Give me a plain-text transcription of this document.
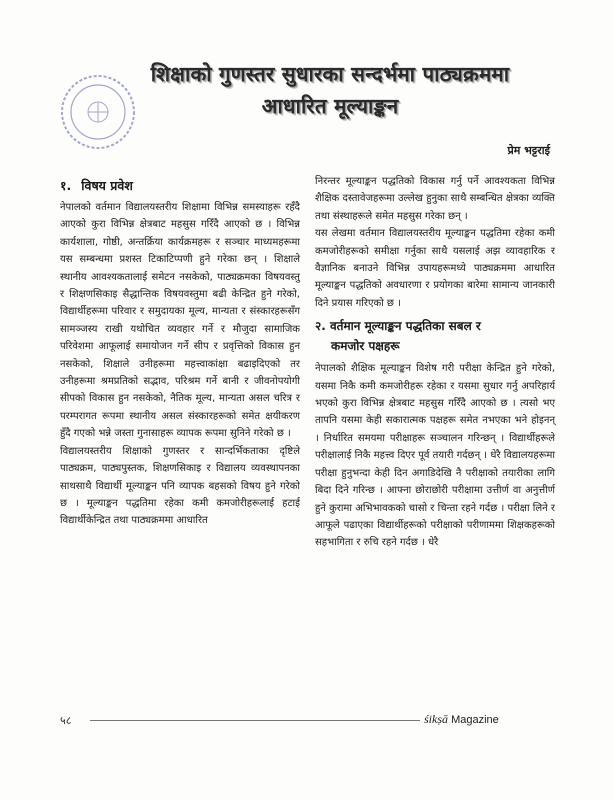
शिक्षाको गुणस्तर सुधारका सन्दर्भमा पाठ्यक्रममा
आधारित मूल्याङ्कन
प्रेम भट्टराई
१. विषय प्रवेश

नेपालको वर्तमान विद्यालयस्तरीय शिक्षामा विभिन्न समस्याहरू रहँदै आएको कुरा विभिन्न क्षेत्रबाट महसुस गरिँदै आएको छ । विभिन्न कार्यशाला, गोष्ठी, अन्तर्क्रिया कार्यक्रमहरू र सञ्चार माध्यमहरूमा यस सम्बन्धमा प्रशस्त टिकाटिप्पणी हुने गरेका छन् । शिक्षाले स्थानीय आवश्यकतालाई समेटन नसकेको, पाठ्यक्रमका विषयवस्तु र शिक्षणसिकाइ सैद्धान्तिक विषयवस्तुमा बढी केन्द्रित हुने गरेको, विद्यार्थीहरूमा परिवार र समुदायका मूल्य, मान्यता र संस्कारहरूसँग सामञ्जस्य राखी यथोचित व्यवहार गर्ने र मौजुदा सामाजिक परिवेशमा आफूलाई समायोजन गर्ने सीप र प्रवृत्तिको विकास हुन नसकेको, शिक्षाले उनीहरूमा महत्त्वाकांक्षा बढाइदिएको तर उनीहरूमा श्रमप्रतिको सद्भाव, परिश्रम गर्ने बानी र जीवनोपयोगी सीपको विकास हुन नसकेको, नैतिक मूल्य, मान्यता असल चरित्र र परम्परागत रूपमा स्थानीय असल संस्कारहरूको समेत क्षयीकरण हुँदै गएको भन्ने जस्ता गुनासाहरू व्यापक रूपमा सुनिने गरेको छ ।

विद्यालयस्तरीय शिक्षाको गुणस्तर र सान्दर्भिकताका दृष्टिले पाठ्यक्रम, पाठ्यपुस्तक, शिक्षणसिकाइ र विद्यालय व्यवस्थापनका साथसाथै विद्यार्थी मूल्याङ्कन पनि व्यापक बहसको विषय हुने गरेको छ । मूल्याङ्कन पद्धतिमा रहेका कमी कमजोरीहरूलाई हटाई विद्यार्थीकेन्द्रित तथा पाठ्यक्रममा आधारित

निरन्तर मूल्याङ्कन पद्धतिको विकास गर्नु पर्ने आवश्यकता विभिन्न शैक्षिक दस्तावेजहरूमा उल्लेख हुनुका साथै सम्बन्धित क्षेत्रका व्यक्ति तथा संस्थाहरूले समेत महसुस गरेका छन् ।

यस लेखमा वर्तमान विद्यालयस्तरीय मूल्याङ्कन पद्धतिमा रहेका कमी कमजोरीहरूको समीक्षा गर्नुका साथै यसलाई अझ व्यावहारिक र वैज्ञानिक बनाउने विभिन्न उपायहरूमध्ये पाठ्यक्रममा आधारित मूल्याङ्कन पद्धतिको अवधारणा र प्रयोगका बारेमा सामान्य जानकारी दिने प्रयास गरिएको छ ।

२. वर्तमान मूल्याङ्कन पद्धतिका सबल र
कमजोर पक्षहरू

नेपालको शैक्षिक मूल्याङ्कन विशेष गरी परीक्षा केन्द्रित हुने गरेको, यसमा निकै कमी कमजोरीहरू रहेका र यसमा सुधार गर्नु अपरिहार्य भएको कुरा विभिन्न क्षेत्रबाट महसुस गरिँदै आएको छ । त्यसो भए तापनि यसमा केही सकारात्मक पक्षहरू समेत नभएका भने होइनन् । निर्धारित समयमा परीक्षाहरू सञ्चालन गरिन्छन् । विद्यार्थीहरूले परीक्षालाई निकै महत्त्व दिएर पूर्व तयारी गर्दछन् । धेरै विद्यालयहरूमा परीक्षा हुनुभन्दा केही दिन अगाडिदेखि नै परीक्षाको तयारीका लागि बिदा दिने गरिन्छ । आफ्ना छोराछोरी परीक्षामा उत्तीर्ण वा अनुत्तीर्ण हुने कुरामा अभिभावकको चासो र चिन्ता रहने गर्दछ । परीक्षा लिने र आफूले पढाएका विद्यार्थीहरूको परीक्षाको परीणाममा शिक्षकहरूको सहभागिता र रुचि रहने गर्दछ । धेरै

५८	śikṣā Magazine
